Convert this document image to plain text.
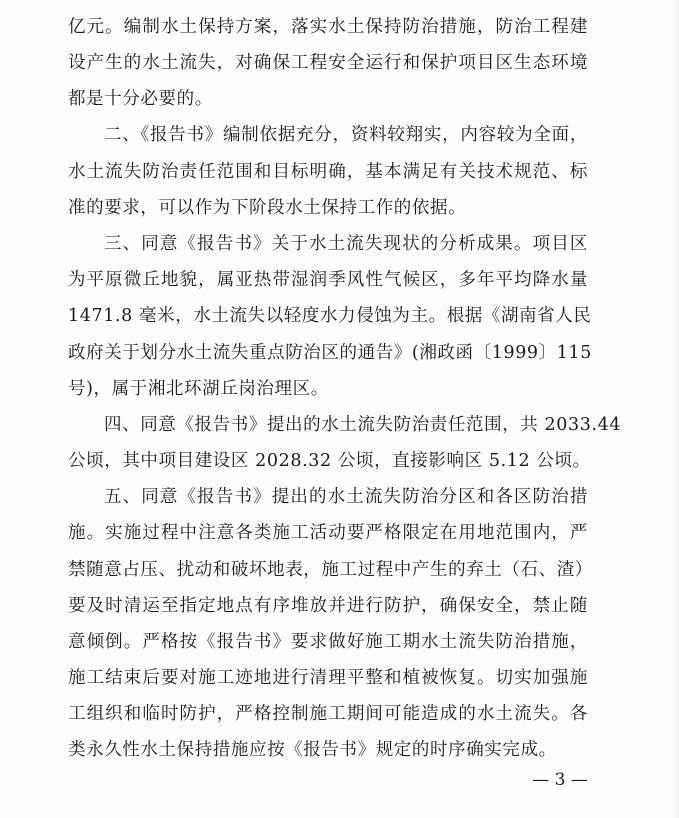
亿元。编制水土保持方案，落实水土保持防治措施，防治工程建
设产生的水土流失，对确保工程安全运行和保护项目区生态环境
都是十分必要的。
二、《报告书》编制依据充分，资料较翔实，内容较为全面，
水土流失防治责任范围和目标明确，基本满足有关技术规范、标
准的要求，可以作为下阶段水土保持工作的依据。
三、同意《报告书》关于水土流失现状的分析成果。项目区
为平原微丘地貌，属亚热带湿润季风性气候区，多年平均降水量
1471.8 毫米，水土流失以轻度水力侵蚀为主。根据《湖南省人民
政府关于划分水土流失重点防治区的通告》(湘政函〔1999〕115
号)，属于湘北环湖丘岗治理区。
四、同意《报告书》提出的水土流失防治责任范围，共 2033.44
公顷，其中项目建设区 2028.32 公顷，直接影响区 5.12 公顷。
五、同意《报告书》提出的水土流失防治分区和各区防治措
施。实施过程中注意各类施工活动要严格限定在用地范围内，严
禁随意占压、扰动和破坏地表，施工过程中产生的弃土（石、渣）
要及时清运至指定地点有序堆放并进行防护，确保安全，禁止随
意倾倒。严格按《报告书》要求做好施工期水土流失防治措施，
施工结束后要对施工迹地进行清理平整和植被恢复。切实加强施
工组织和临时防护，严格控制施工期间可能造成的水土流失。各
类永久性水土保持措施应按《报告书》规定的时序确实完成。
— 3 —
